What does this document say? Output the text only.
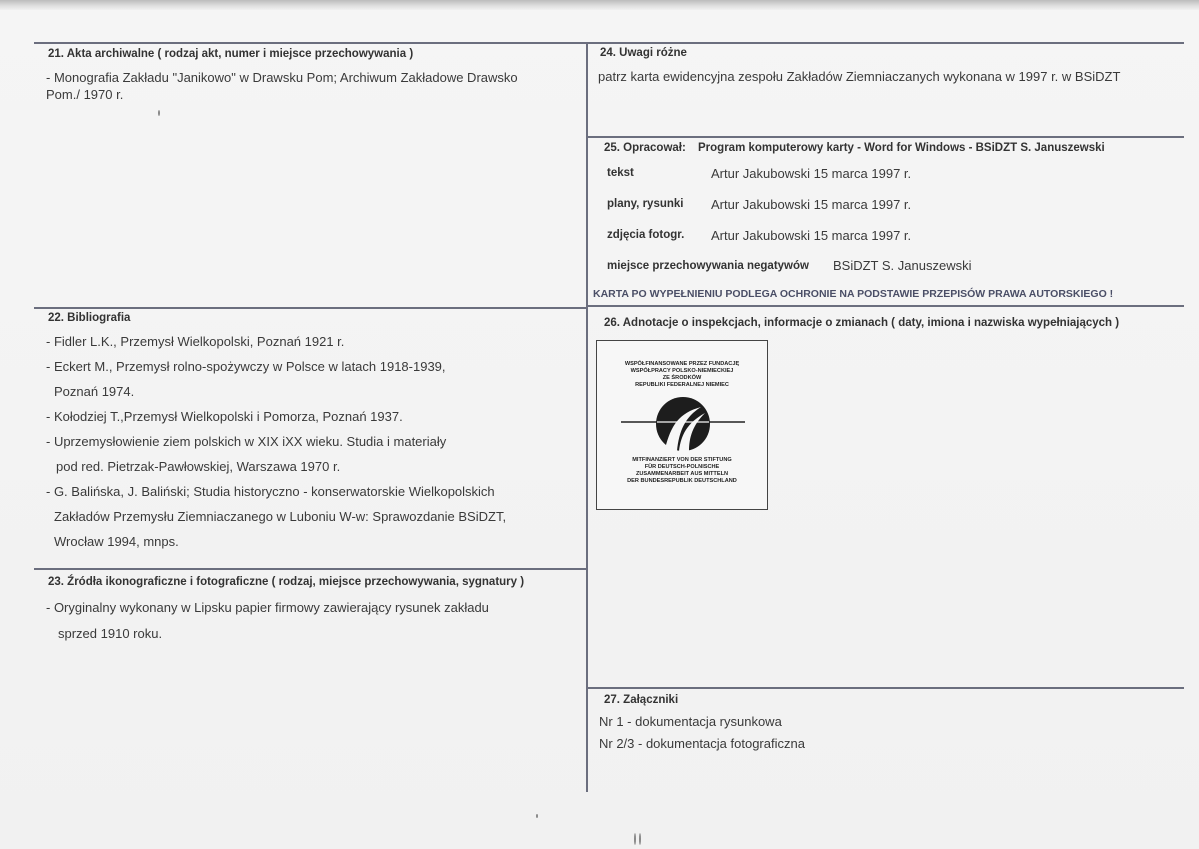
21. Akta archiwalne ( rodzaj akt, numer i miejsce przechowywania )
- Monografia Zakładu "Janikowo" w Drawsku Pom; Archiwum Zakładowe Drawsko
Pom./ 1970 r.
22. Bibliografia
- Fidler L.K., Przemysł Wielkopolski, Poznań 1921 r.
- Eckert M., Przemysł rolno-spożywczy w Polsce w latach 1918-1939,
Poznań 1974.
- Kołodziej T.,Przemysł Wielkopolski i Pomorza, Poznań 1937.
- Uprzemysłowienie ziem polskich w XIX iXX wieku. Studia i materiały
pod red. Pietrzak-Pawłowskiej, Warszawa 1970 r.
- G. Balińska, J. Baliński; Studia historyczno - konserwatorskie Wielkopolskich
Zakładów Przemysłu Ziemniaczanego w Luboniu W-w: Sprawozdanie BSiDZT,
Wrocław 1994, mnps.
23. Źródła ikonograficzne i fotograficzne ( rodzaj, miejsce przechowywania, sygnatury )
- Oryginalny wykonany w Lipsku papier firmowy zawierający rysunek zakładu
sprzed 1910 roku.
24. Uwagi różne
patrz karta ewidencyjna zespołu Zakładów Ziemniaczanych wykonana w 1997 r. w BSiDZT
25. Opracował: Program komputerowy karty - Word for Windows - BSiDZT S. Januszewski
tekst	Artur Jakubowski 15 marca 1997 r.
plany, rysunki Artur Jakubowski 15 marca 1997 r.
zdjęcia fotogr. Artur Jakubowski 15 marca 1997 r.
miejsce przechowywania negatywów BSiDZT S. Januszewski
KARTA PO WYPEŁNIENIU PODLEGA OCHRONIE NA PODSTAWIE PRZEPISÓW PRAWA AUTORSKIEGO !
26. Adnotacje o inspekcjach, informacje o zmianach ( daty, imiona i nazwiska wypełniających )
WSPÓŁFINANSOWANE PRZEZ FUNDACJĘ
WSPÓŁPRACY POLSKO-NIEMIECKIEJ
ZE ŚRODKÓW
REPUBLIKI FEDERALNEJ NIEMIEC
MITFINANZIERT VON DER STIFTUNG
FÜR DEUTSCH-POLNISCHE
ZUSAMMENARBEIT AUS MITTELN
DER BUNDESREPUBLIK DEUTSCHLAND
27. Załączniki
Nr 1 - dokumentacja rysunkowa
Nr 2/3 - dokumentacja fotograficzna
